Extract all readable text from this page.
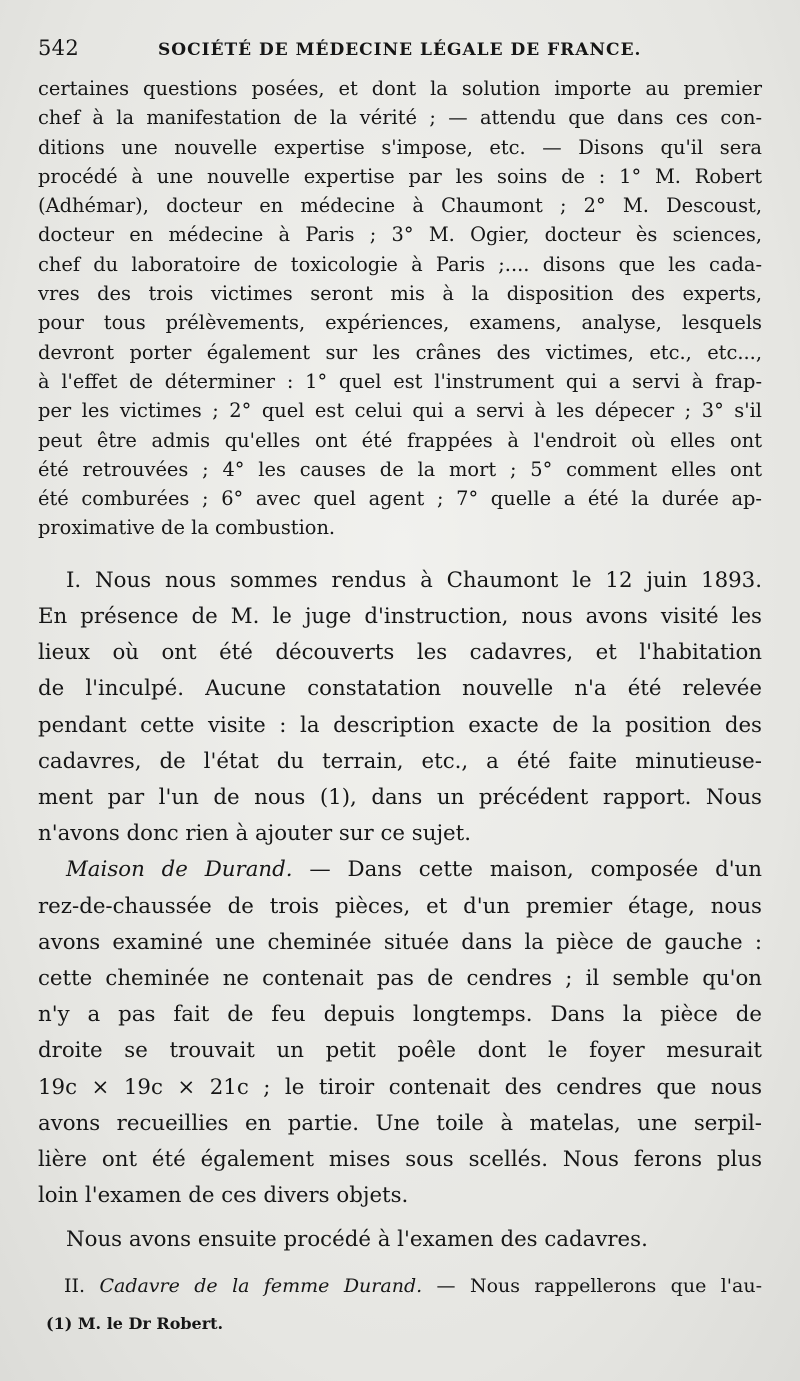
542	SOCIÉTÉ DE MÉDECINE LÉGALE DE FRANCE.

certaines questions posées, et dont la solution importe au premier

chef à la manifestation de la vérité ; — attendu que dans ces con-

ditions une nouvelle expertise s'impose, etc. — Disons qu'il sera

procédé à une nouvelle expertise par les soins de : 1° M. Robert

(Adhémar), docteur en médecine à Chaumont ; 2° M. Descoust,

docteur en médecine à Paris ; 3° M. Ogier, docteur ès sciences,

chef du laboratoire de toxicologie à Paris ;.... disons que les cada-

vres des trois victimes seront mis à la disposition des experts,

pour tous prélèvements, expériences, examens, analyse, lesquels

devront porter également sur les crânes des victimes, etc., etc...,

à l'effet de déterminer : 1° quel est l'instrument qui a servi à frap-

per les victimes ; 2° quel est celui qui a servi à les dépecer ; 3° s'il

peut être admis qu'elles ont été frappées à l'endroit où elles ont

été retrouvées ; 4° les causes de la mort ; 5° comment elles ont

été comburées ; 6° avec quel agent ; 7° quelle a été la durée ap-

proximative de la combustion.

I. Nous nous sommes rendus à Chaumont le 12 juin 1893.

En présence de M. le juge d'instruction, nous avons visité les

lieux où ont été découverts les cadavres, et l'habitation

de l'inculpé. Aucune constatation nouvelle n'a été relevée

pendant cette visite : la description exacte de la position des

cadavres, de l'état du terrain, etc., a été faite minutieuse-

ment par l'un de nous (1), dans un précédent rapport. Nous

n'avons donc rien à ajouter sur ce sujet.

Maison de Durand. — Dans cette maison, composée d'un

rez-de-chaussée de trois pièces, et d'un premier étage, nous

avons examiné une cheminée située dans la pièce de gauche :

cette cheminée ne contenait pas de cendres ; il semble qu'on

n'y a pas fait de feu depuis longtemps. Dans la pièce de

droite se trouvait un petit poêle dont le foyer mesurait

19c × 19c × 21c ; le tiroir contenait des cendres que nous

avons recueillies en partie. Une toile à matelas, une serpil-

lière ont été également mises sous scellés. Nous ferons plus

loin l'examen de ces divers objets.

Nous avons ensuite procédé à l'examen des cadavres.

II. Cadavre de la femme Durand. — Nous rappellerons que l'au-

(1) M. le Dr Robert.
